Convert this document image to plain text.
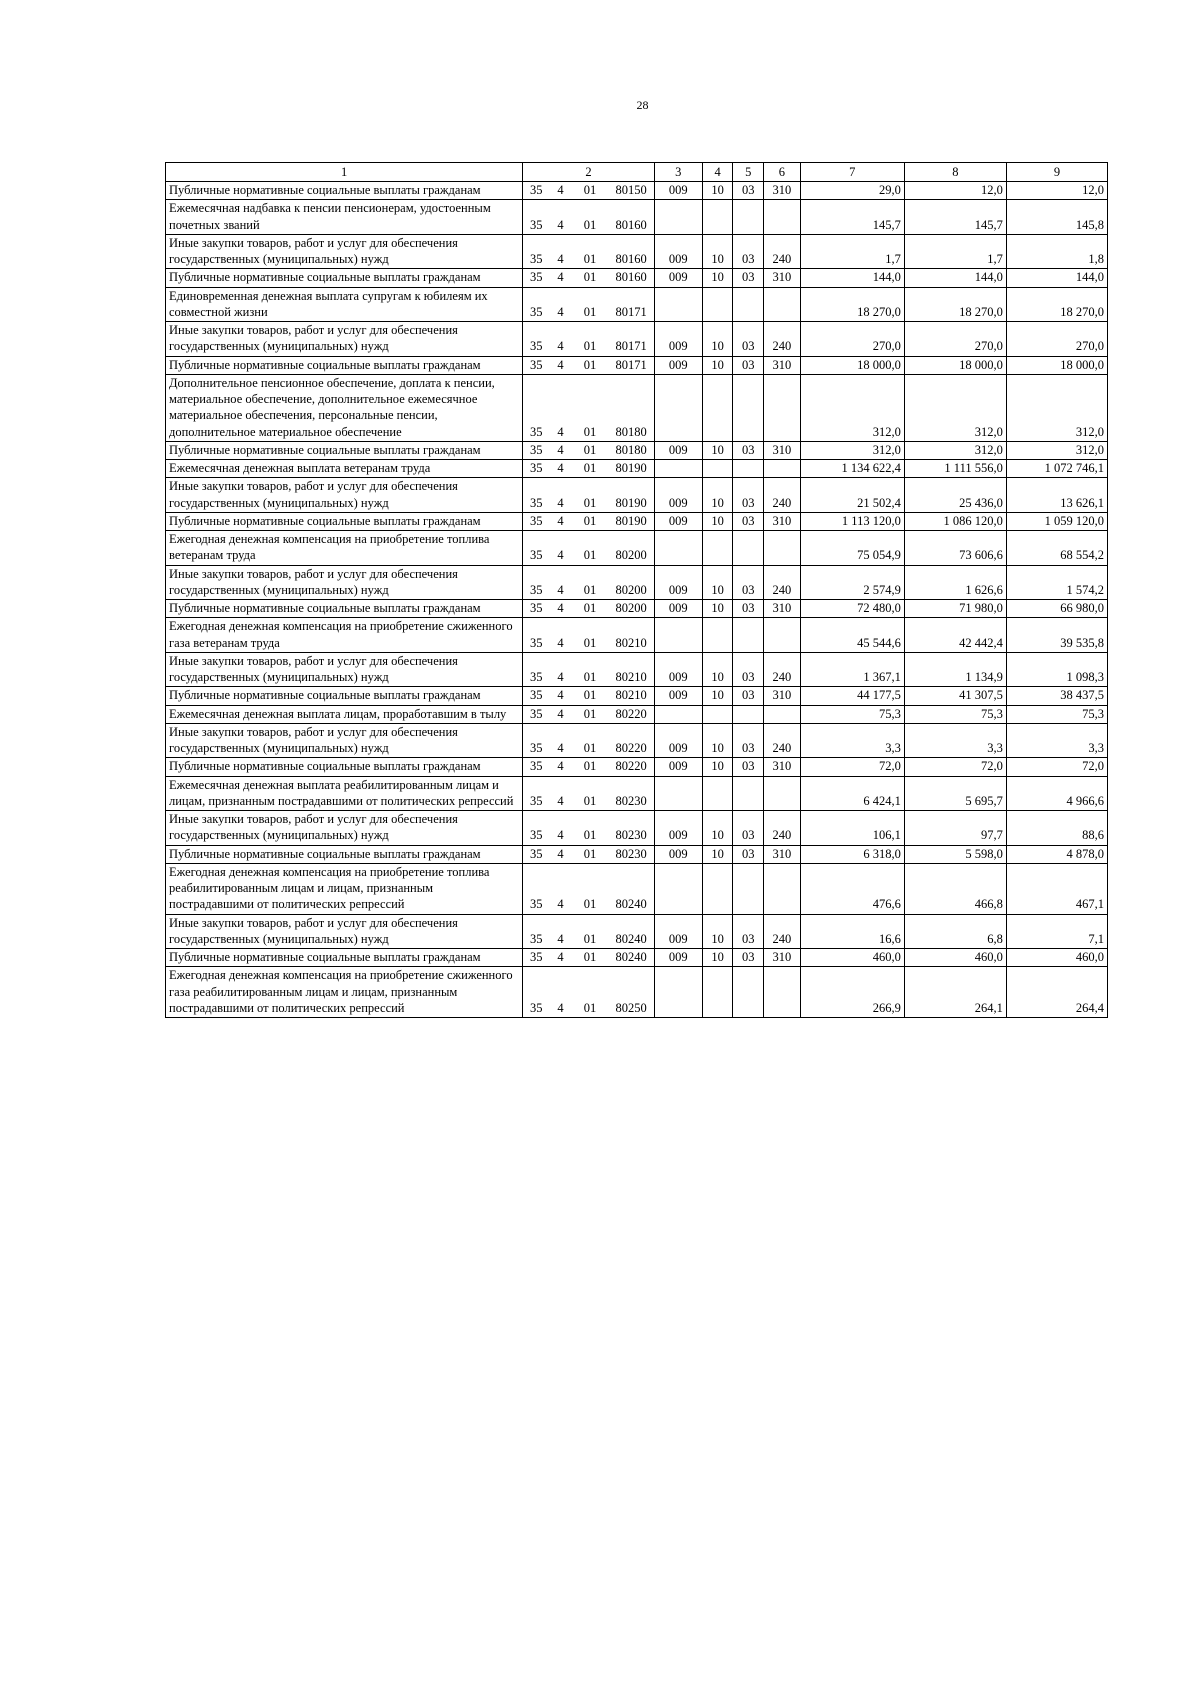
28
1	2				3	4	5	6	7	8	9
Публичные нормативные социальные выплаты гражданам	35	4	01	80150	009	10	03	310	29,0	12,0	12,0
Ежемесячная надбавка к пенсии пенсионерам, удостоенным почетных званий	35	4	01	80160					145,7	145,7	145,8
Иные закупки товаров, работ и услуг для обеспечения государственных (муниципальных) нужд	35	4	01	80160	009	10	03	240	1,7	1,7	1,8
Публичные нормативные социальные выплаты гражданам	35	4	01	80160	009	10	03	310	144,0	144,0	144,0
Единовременная денежная выплата супругам к юбилеям их совместной жизни	35	4	01	80171					18 270,0	18 270,0	18 270,0
Иные закупки товаров, работ и услуг для обеспечения государственных (муниципальных) нужд	35	4	01	80171	009	10	03	240	270,0	270,0	270,0
Публичные нормативные социальные выплаты гражданам	35	4	01	80171	009	10	03	310	18 000,0	18 000,0	18 000,0
Дополнительное пенсионное обеспечение, доплата к пенсии, материальное обеспечение, дополнительное ежемесячное материальное обеспечения, персональные пенсии, дополнительное материальное обеспечение	35	4	01	80180					312,0	312,0	312,0
Публичные нормативные социальные выплаты гражданам	35	4	01	80180	009	10	03	310	312,0	312,0	312,0
Ежемесячная денежная выплата ветеранам труда	35	4	01	80190					1 134 622,4	1 111 556,0	1 072 746,1
Иные закупки товаров, работ и услуг для обеспечения государственных (муниципальных) нужд	35	4	01	80190	009	10	03	240	21 502,4	25 436,0	13 626,1
Публичные нормативные социальные выплаты гражданам	35	4	01	80190	009	10	03	310	1 113 120,0	1 086 120,0	1 059 120,0
Ежегодная денежная компенсация на приобретение топлива ветеранам труда	35	4	01	80200					75 054,9	73 606,6	68 554,2
Иные закупки товаров, работ и услуг для обеспечения государственных (муниципальных) нужд	35	4	01	80200	009	10	03	240	2 574,9	1 626,6	1 574,2
Публичные нормативные социальные выплаты гражданам	35	4	01	80200	009	10	03	310	72 480,0	71 980,0	66 980,0
Ежегодная денежная компенсация на приобретение сжиженного газа ветеранам труда	35	4	01	80210					45 544,6	42 442,4	39 535,8
Иные закупки товаров, работ и услуг для обеспечения государственных (муниципальных) нужд	35	4	01	80210	009	10	03	240	1 367,1	1 134,9	1 098,3
Публичные нормативные социальные выплаты гражданам	35	4	01	80210	009	10	03	310	44 177,5	41 307,5	38 437,5
Ежемесячная денежная выплата лицам, проработавшим в тылу	35	4	01	80220					75,3	75,3	75,3
Иные закупки товаров, работ и услуг для обеспечения государственных (муниципальных) нужд	35	4	01	80220	009	10	03	240	3,3	3,3	3,3
Публичные нормативные социальные выплаты гражданам	35	4	01	80220	009	10	03	310	72,0	72,0	72,0
Ежемесячная денежная выплата реабилитированным лицам и лицам, признанным пострадавшими от политических репрессий	35	4	01	80230					6 424,1	5 695,7	4 966,6
Иные закупки товаров, работ и услуг для обеспечения государственных (муниципальных) нужд	35	4	01	80230	009	10	03	240	106,1	97,7	88,6
Публичные нормативные социальные выплаты гражданам	35	4	01	80230	009	10	03	310	6 318,0	5 598,0	4 878,0
Ежегодная денежная компенсация на приобретение топлива реабилитированным лицам и лицам, признанным пострадавшими от политических репрессий	35	4	01	80240					476,6	466,8	467,1
Иные закупки товаров, работ и услуг для обеспечения государственных (муниципальных) нужд	35	4	01	80240	009	10	03	240	16,6	6,8	7,1
Публичные нормативные социальные выплаты гражданам	35	4	01	80240	009	10	03	310	460,0	460,0	460,0
Ежегодная денежная компенсация на приобретение сжиженного газа реабилитированным лицам и лицам, признанным пострадавшими от политических репрессий	35	4	01	80250					266,9	264,1	264,4
